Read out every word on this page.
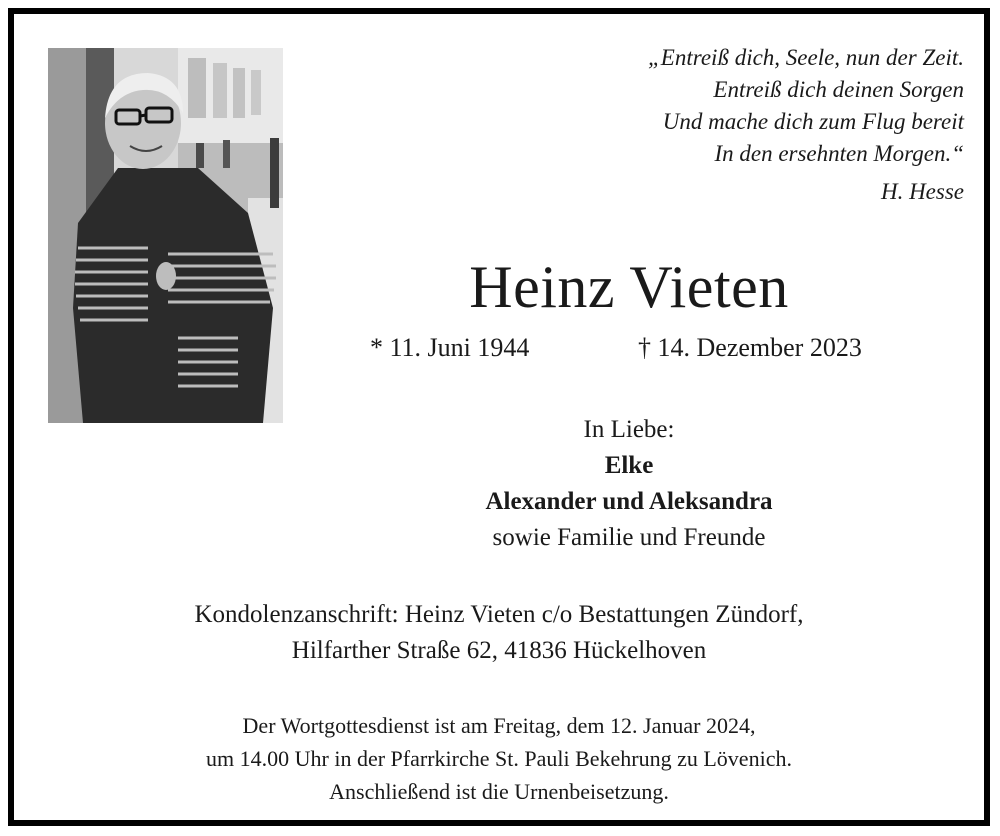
„Entreiß dich, Seele, nun der Zeit.
Entreiß dich deinen Sorgen
Und mache dich zum Flug bereit
In den ersehnten Morgen.“
H. Hesse
Heinz Vieten
* 11. Juni 1944	† 14. Dezember 2023
In Liebe:
Elke
Alexander und Aleksandra
sowie Familie und Freunde
Kondolenzanschrift: Heinz Vieten c/o Bestattungen Zündorf,
Hilfarther Straße 62, 41836 Hückelhoven
Der Wortgottesdienst ist am Freitag, dem 12. Januar 2024,
um 14.00 Uhr in der Pfarrkirche St. Pauli Bekehrung zu Lövenich.
Anschließend ist die Urnenbeisetzung.
